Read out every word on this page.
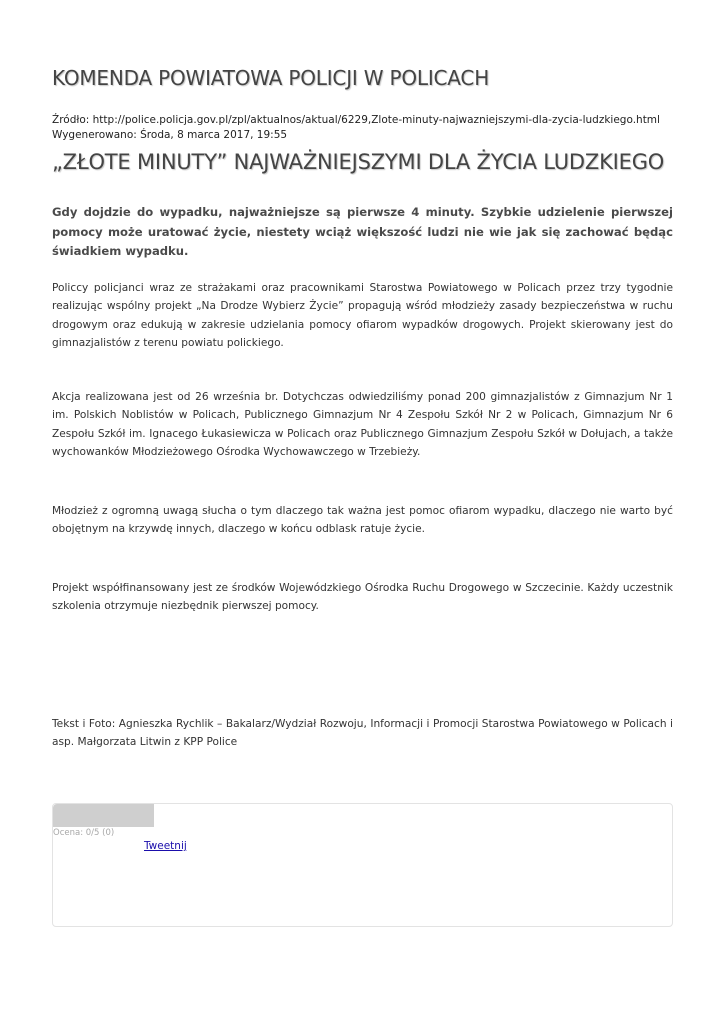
KOMENDA POWIATOWA POLICJI W POLICACH
Źródło: http://police.policja.gov.pl/zpl/aktualnos/aktual/6229,Zlote-minuty-najwazniejszymi-dla-zycia-ludzkiego.html
Wygenerowano: Środa, 8 marca 2017, 19:55
„ZŁOTE MINUTY” NAJWAŻNIEJSZYMI DLA ŻYCIA LUDZKIEGO

Gdy dojdzie do wypadku, najważniejsze są pierwsze 4 minuty. Szybkie udzielenie pierwszej pomocy może uratować życie, niestety wciąż większość ludzi nie wie jak się zachować będąc świadkiem wypadku.

Policcy policjanci wraz ze strażakami oraz pracownikami Starostwa Powiatowego w Policach przez trzy tygodnie realizując wspólny projekt „Na Drodze Wybierz Życie” propagują wśród młodzieży zasady bezpieczeństwa w ruchu drogowym oraz edukują w zakresie udzielania pomocy ofiarom wypadków drogowych. Projekt skierowany jest do gimnazjalistów z terenu powiatu polickiego.

Akcja realizowana jest od 26 września br. Dotychczas odwiedziliśmy ponad 200 gimnazjalistów z Gimnazjum Nr 1 im. Polskich Noblistów w Policach, Publicznego Gimnazjum Nr 4 Zespołu Szkół Nr 2 w Policach, Gimnazjum Nr 6 Zespołu Szkół im. Ignacego Łukasiewicza w Policach oraz Publicznego Gimnazjum Zespołu Szkół w Dołujach, a także wychowanków Młodzieżowego Ośrodka Wychowawczego w Trzebieży.

Młodzież z ogromną uwagą słucha o tym dlaczego tak ważna jest pomoc ofiarom wypadku, dlaczego nie warto być obojętnym na krzywdę innych, dlaczego w końcu odblask ratuje życie.

Projekt współfinansowany jest ze środków Wojewódzkiego Ośrodka Ruchu Drogowego w Szczecinie. Każdy uczestnik szkolenia otrzymuje niezbędnik pierwszej pomocy.

Tekst i Foto: Agnieszka Rychlik – Bakalarz/Wydział Rozwoju, Informacji i Promocji Starostwa Powiatowego w Policach i asp. Małgorzata Litwin z KPP Police

Ocena: 0/5 (0)
Tweetnij
